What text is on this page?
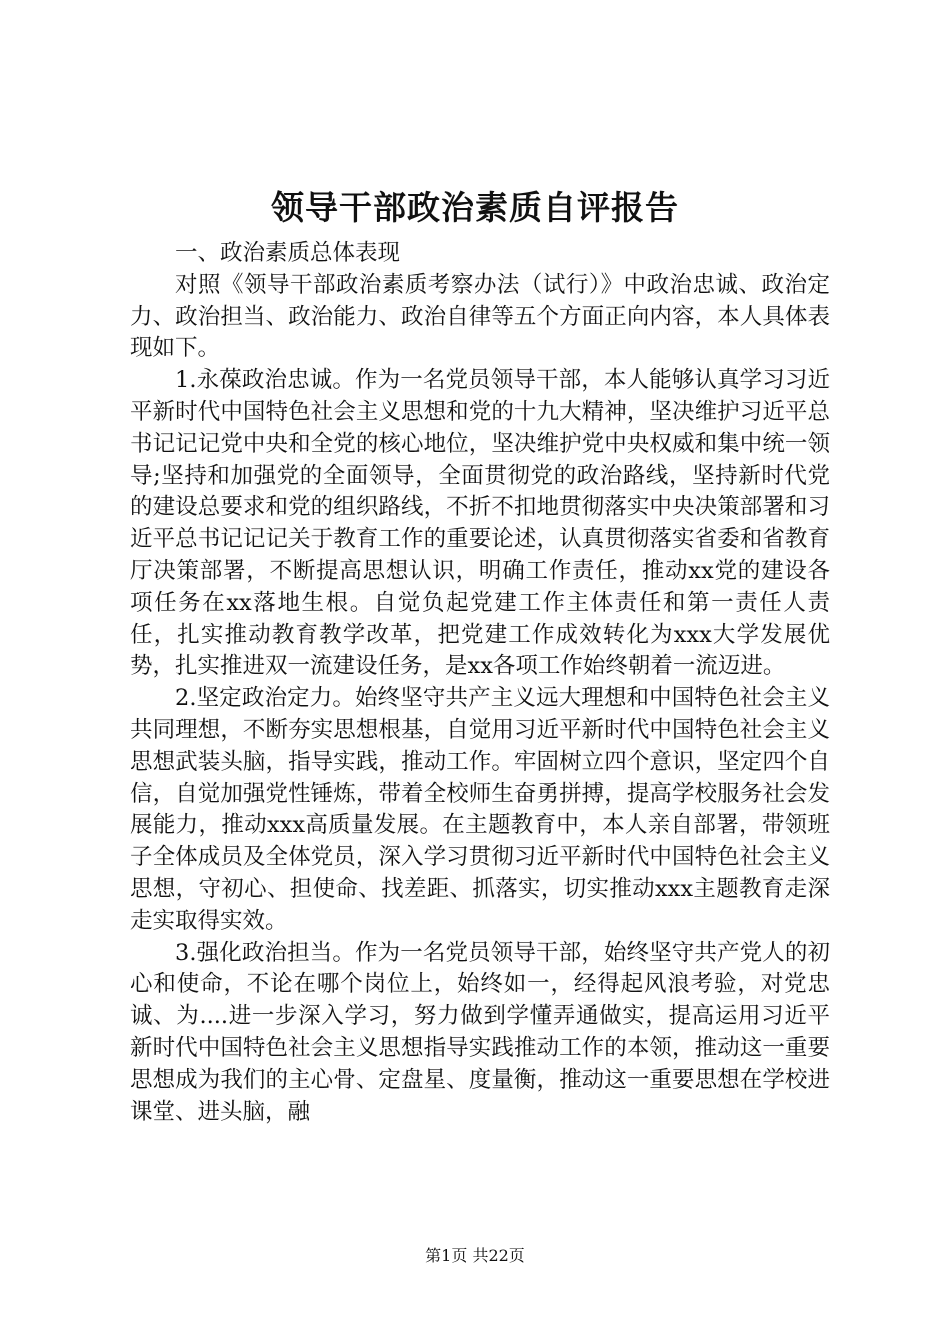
领导干部政治素质自评报告

一、政治素质总体表现

对照《领导干部政治素质考察办法（试行）》中政治忠诚、政治定力、政治担当、政治能力、政治自律等五个方面正向内容，本人具体表现如下。

1.永葆政治忠诚。作为一名党员领导干部，本人能够认真学习习近平新时代中国特色社会主义思想和党的十九大精神，坚决维护习近平总书记记记党中央和全党的核心地位，坚决维护党中央权威和集中统一领导;坚持和加强党的全面领导，全面贯彻党的政治路线，坚持新时代党的建设总要求和党的组织路线，不折不扣地贯彻落实中央决策部署和习近平总书记记记关于教育工作的重要论述，认真贯彻落实省委和省教育厅决策部署，不断提高思想认识，明确工作责任，推动xx党的建设各项任务在xx落地生根。自觉负起党建工作主体责任和第一责任人责任，扎实推动教育教学改革，把党建工作成效转化为xxx大学发展优势，扎实推进双一流建设任务，是xx各项工作始终朝着一流迈进。

2.坚定政治定力。始终坚守共产主义远大理想和中国特色社会主义共同理想，不断夯实思想根基，自觉用习近平新时代中国特色社会主义思想武装头脑，指导实践，推动工作。牢固树立四个意识，坚定四个自信，自觉加强党性锤炼，带着全校师生奋勇拼搏，提高学校服务社会发展能力，推动xxx高质量发展。在主题教育中，本人亲自部署，带领班子全体成员及全体党员，深入学习贯彻习近平新时代中国特色社会主义思想，守初心、担使命、找差距、抓落实，切实推动xxx主题教育走深走实取得实效。

3.强化政治担当。作为一名党员领导干部，始终坚守共产党人的初心和使命，不论在哪个岗位上，始终如一，经得起风浪考验，对党忠诚、为....进一步深入学习，努力做到学懂弄通做实，提高运用习近平新时代中国特色社会主义思想指导实践推动工作的本领，推动这一重要思想成为我们的主心骨、定盘星、度量衡，推动这一重要思想在学校进课堂、进头脑，融

第1页 共22页
